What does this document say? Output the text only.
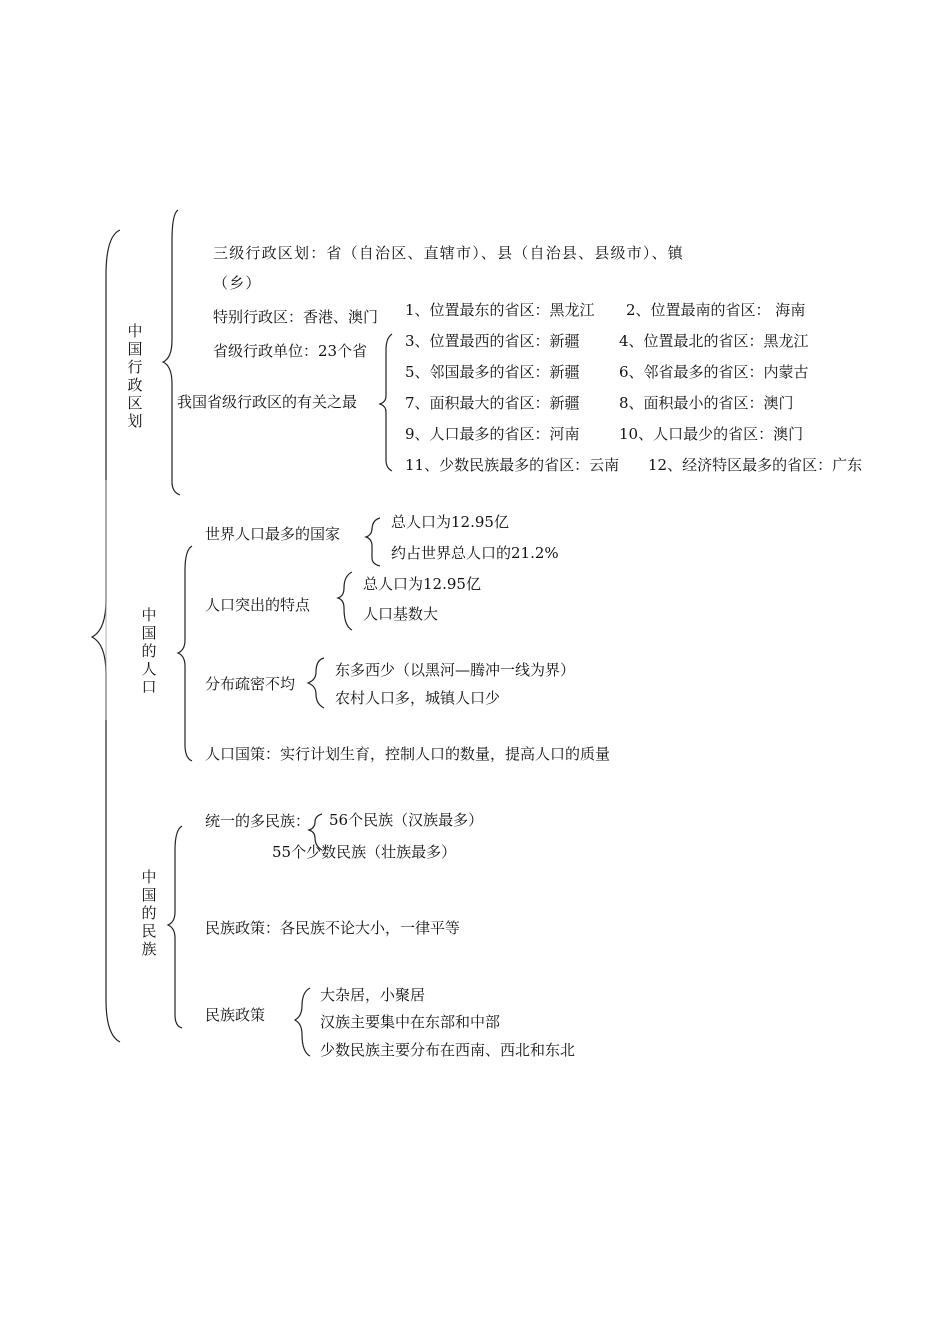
中国行政区划
中国的人口
中国的民族
三级行政区划：省（自治区、直辖市）、县（自治县、县级市）、镇
（乡）
特别行政区：香港、澳门
省级行政单位：23个省
我国省级行政区的有关之最
1、位置最东的省区：黑龙江 2、位置最南的省区： 海南
3、位置最西的省区：新疆	4、位置最北的省区：黑龙江
5、邻国最多的省区：新疆	6、邻省最多的省区：内蒙古
7、面积最大的省区：新疆	8、面积最小的省区：澳门
9、人口最多的省区：河南	10、人口最少的省区：澳门
11、少数民族最多的省区：云南 12、经济特区最多的省区：广东
世界人口最多的国家
总人口为12.95亿
约占世界总人口的21.2%
人口突出的特点
总人口为12.95亿
人口基数大
分布疏密不均
东多西少（以黑河—腾冲一线为界）
农村人口多，城镇人口少
人口国策：实行计划生育，控制人口的数量，提高人口的质量
统一的多民族： 56个民族（汉族最多）
55个少数民族（壮族最多）
民族政策：各民族不论大小，一律平等
民族政策
大杂居，小聚居
汉族主要集中在东部和中部
少数民族主要分布在西南、西北和东北
